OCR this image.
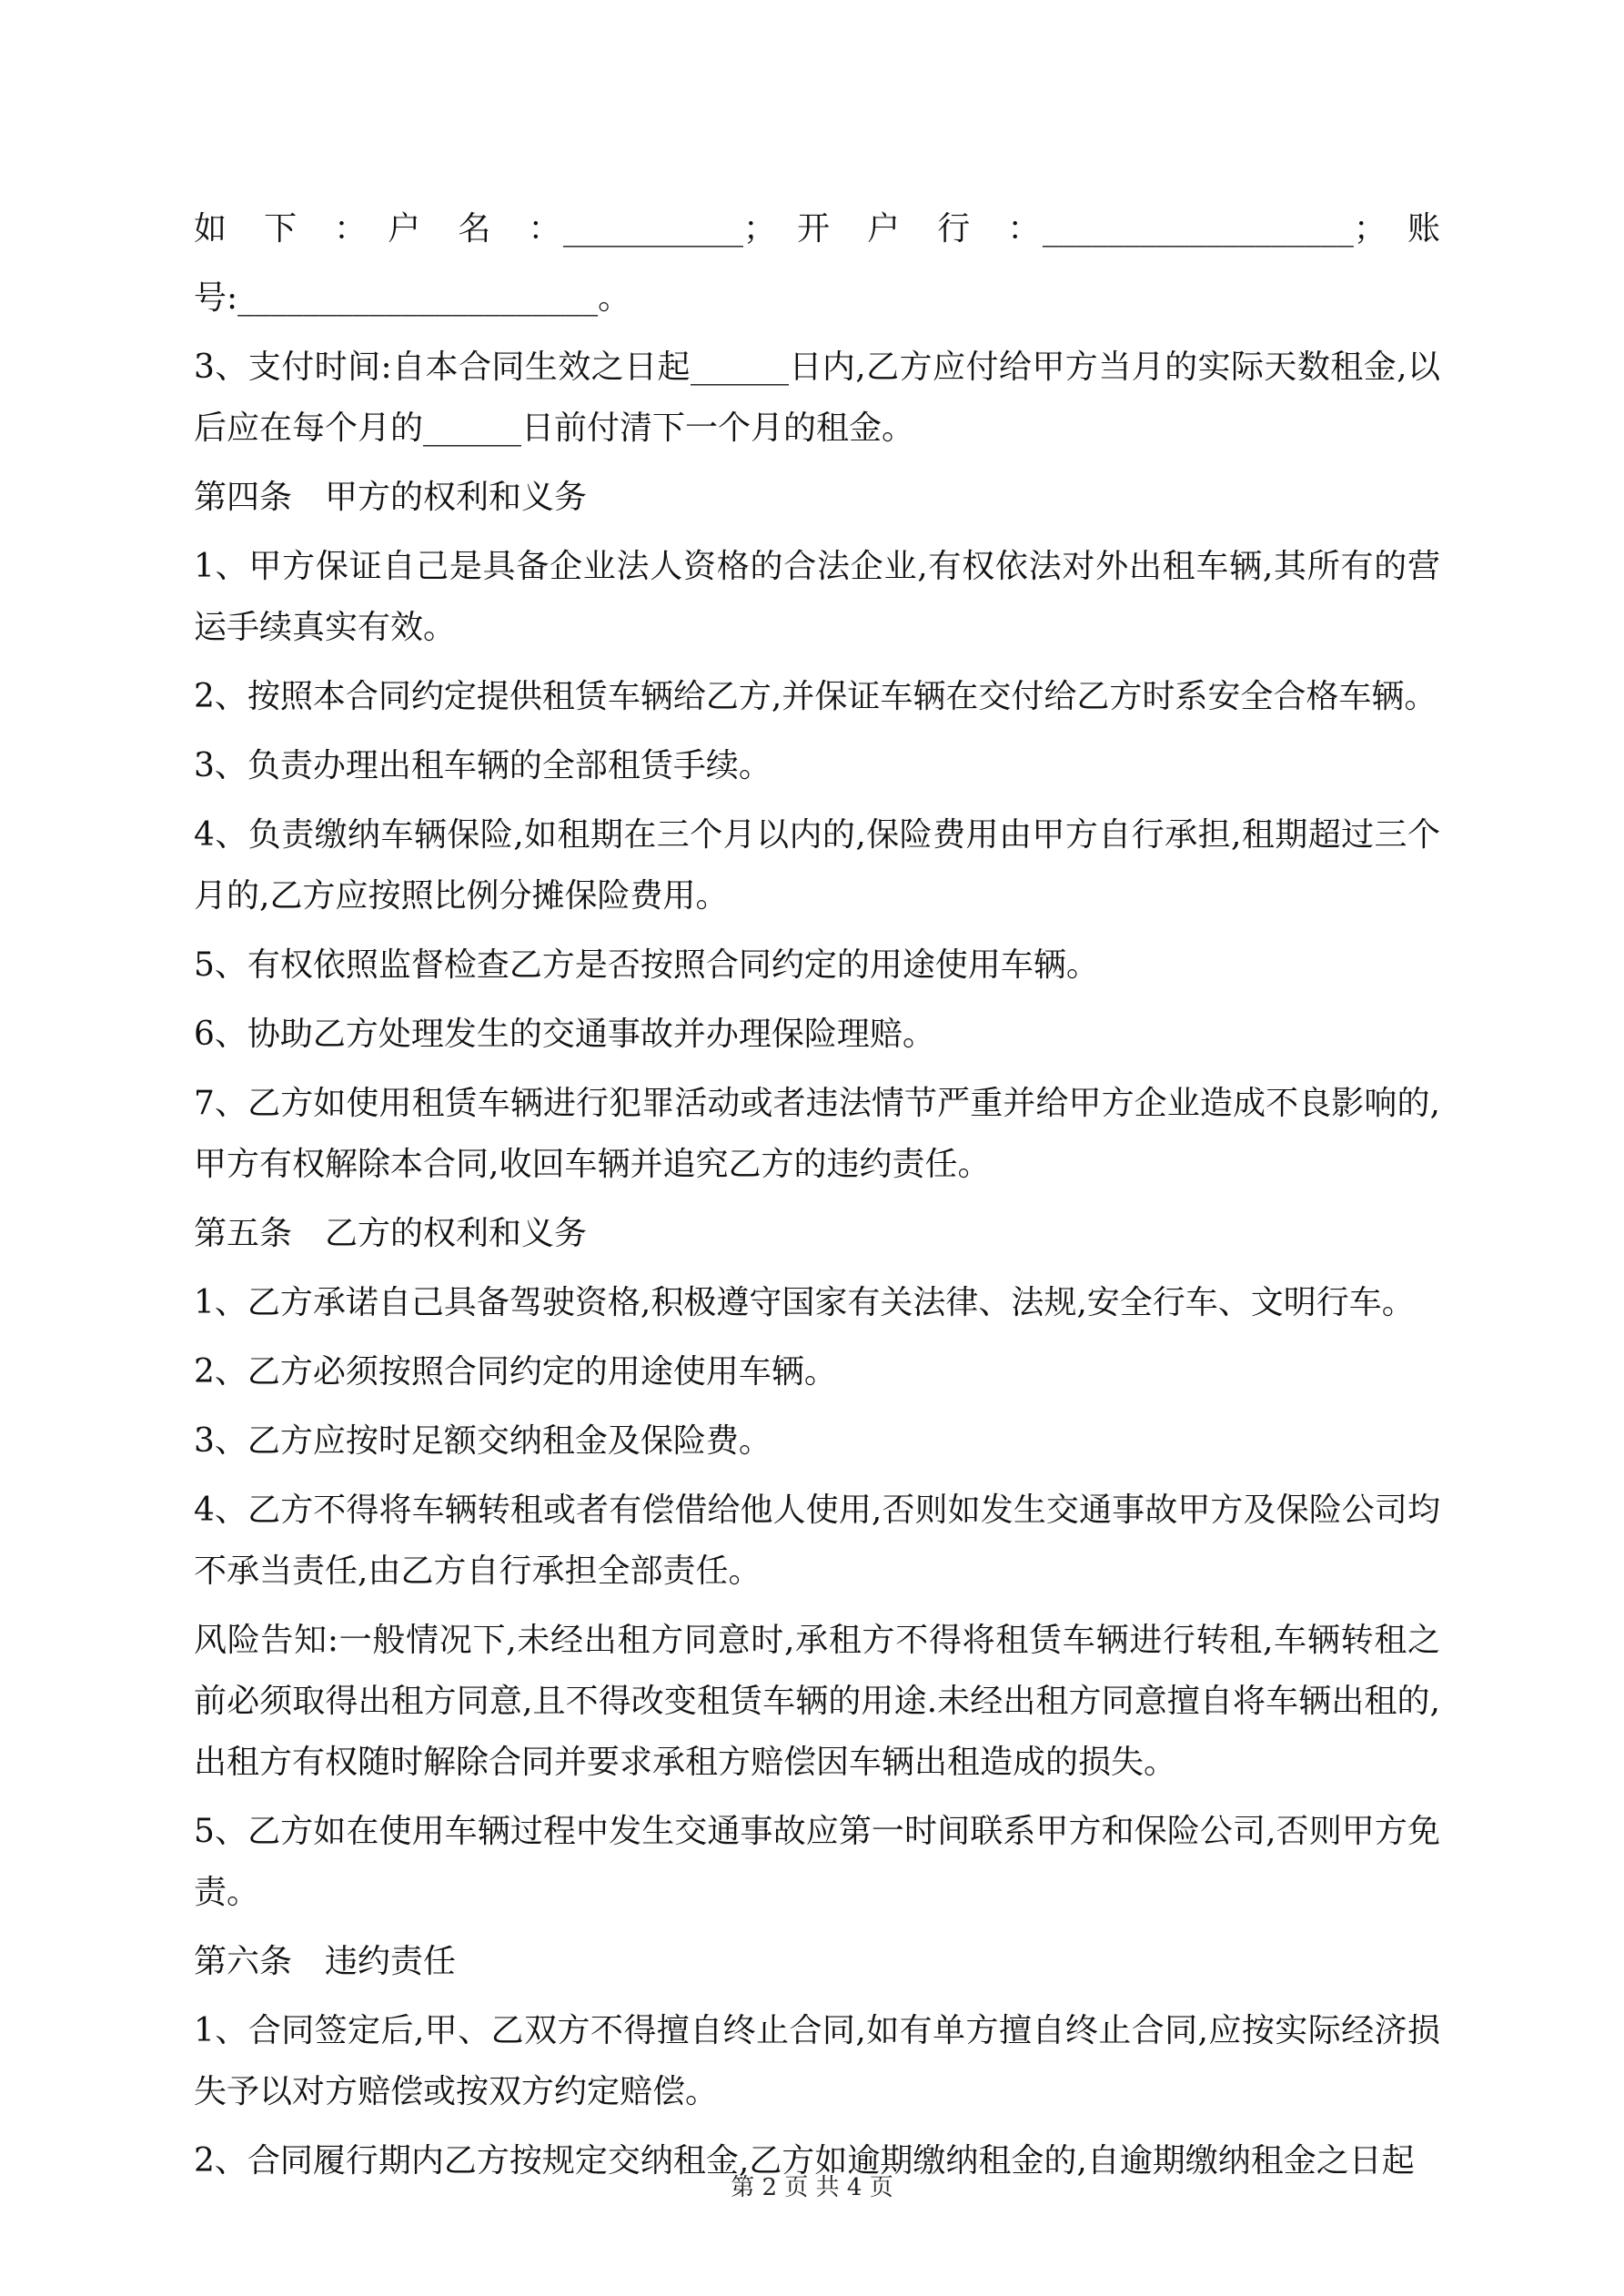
如　下　：　户　名　：___________；　开　户　行　：___________________；　账

号:______________________。

3、支付时间:自本合同生效之日起______日内,乙方应付给甲方当月的实际天数租金,以后应在每个月的______日前付清下一个月的租金。

第四条　甲方的权利和义务

1、甲方保证自己是具备企业法人资格的合法企业,有权依法对外出租车辆,其所有的营运手续真实有效。

2、按照本合同约定提供租赁车辆给乙方,并保证车辆在交付给乙方时系安全合格车辆。

3、负责办理出租车辆的全部租赁手续。

4、负责缴纳车辆保险,如租期在三个月以内的,保险费用由甲方自行承担,租期超过三个月的,乙方应按照比例分摊保险费用。

5、有权依照监督检查乙方是否按照合同约定的用途使用车辆。

6、协助乙方处理发生的交通事故并办理保险理赔。

7、乙方如使用租赁车辆进行犯罪活动或者违法情节严重并给甲方企业造成不良影响的,甲方有权解除本合同,收回车辆并追究乙方的违约责任。

第五条　乙方的权利和义务

1、乙方承诺自己具备驾驶资格,积极遵守国家有关法律、法规,安全行车、文明行车。

2、乙方必须按照合同约定的用途使用车辆。

3、乙方应按时足额交纳租金及保险费。

4、乙方不得将车辆转租或者有偿借给他人使用,否则如发生交通事故甲方及保险公司均不承当责任,由乙方自行承担全部责任。

风险告知:一般情况下,未经出租方同意时,承租方不得将租赁车辆进行转租,车辆转租之前必须取得出租方同意,且不得改变租赁车辆的用途.未经出租方同意擅自将车辆出租的,出租方有权随时解除合同并要求承租方赔偿因车辆出租造成的损失。

5、乙方如在使用车辆过程中发生交通事故应第一时间联系甲方和保险公司,否则甲方免责。

第六条　违约责任

1、合同签定后,甲、乙双方不得擅自终止合同,如有单方擅自终止合同,应按实际经济损失予以对方赔偿或按双方约定赔偿。

2、合同履行期内乙方按规定交纳租金,乙方如逾期缴纳租金的,自逾期缴纳租金之日起

第 2 页 共 4 页
